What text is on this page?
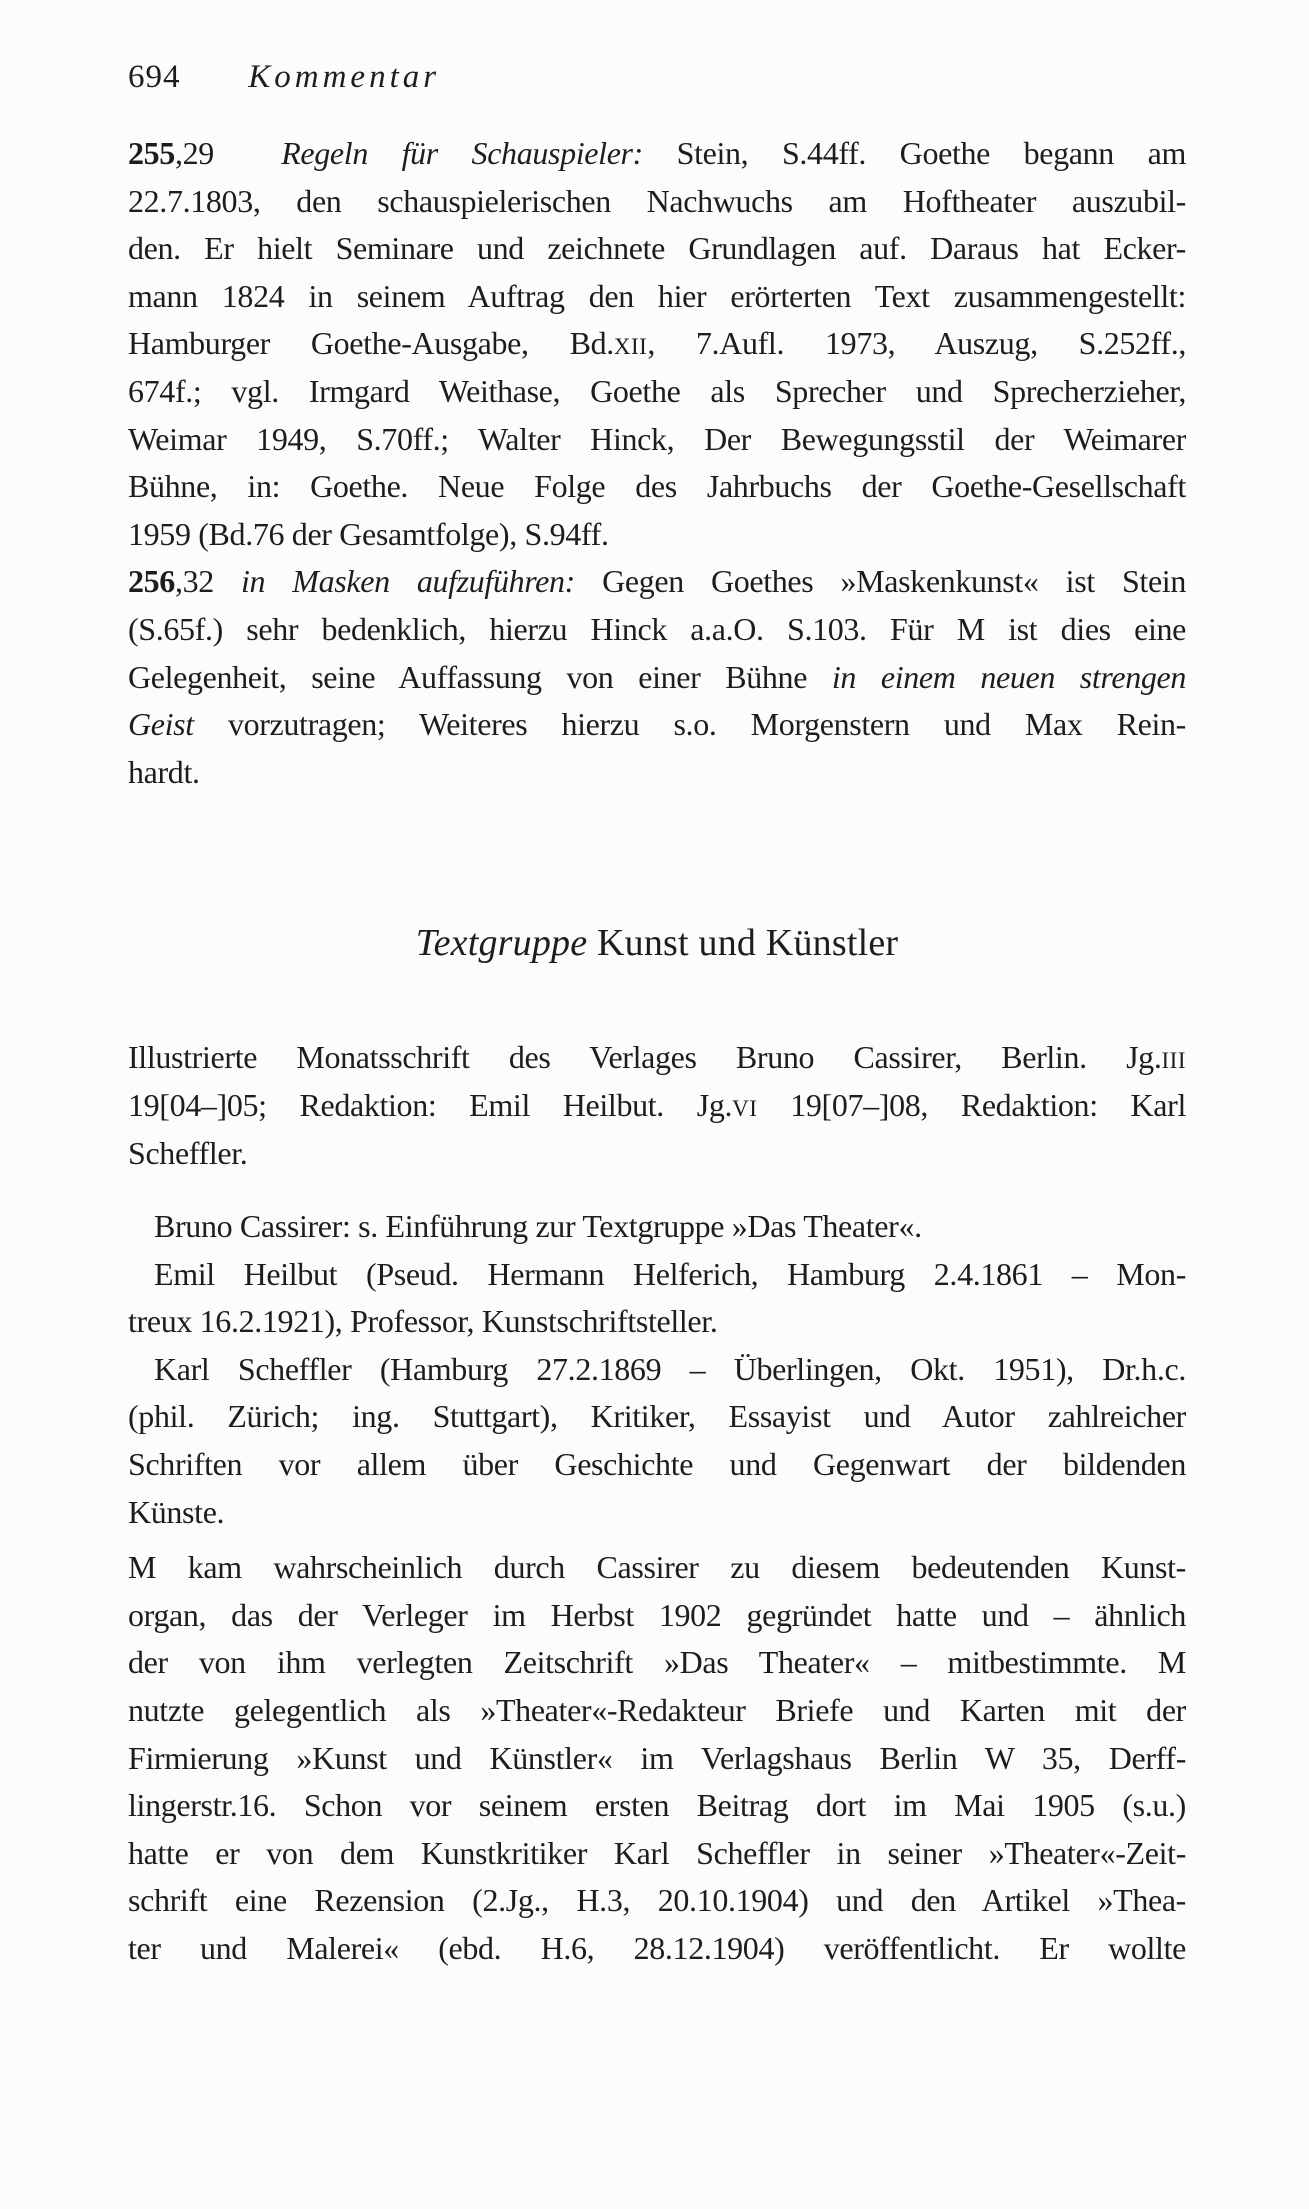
694 Kommentar
255,29  Regeln für Schauspieler: Stein, S.44ff. Goethe begann am
22.7.1803, den schauspielerischen Nachwuchs am Hoftheater auszubil-
den. Er hielt Seminare und zeichnete Grundlagen auf. Daraus hat Ecker-
mann 1824 in seinem Auftrag den hier erörterten Text zusammengestellt:
Hamburger Goethe-Ausgabe, Bd.XII, 7.Aufl. 1973, Auszug, S.252ff.,
674f.; vgl. Irmgard Weithase, Goethe als Sprecher und Sprecherzieher,
Weimar 1949, S.70ff.; Walter Hinck, Der Bewegungsstil der Weimarer
Bühne, in: Goethe. Neue Folge des Jahrbuchs der Goethe-Gesellschaft
1959 (Bd.76 der Gesamtfolge), S.94ff.
256,32 in Masken aufzuführen: Gegen Goethes »Maskenkunst« ist Stein
(S.65f.) sehr bedenklich, hierzu Hinck a.a.O. S.103. Für M ist dies eine
Gelegenheit, seine Auffassung von einer Bühne in einem neuen strengen
Geist vorzutragen; Weiteres hierzu s.o. Morgenstern und Max Rein-
hardt.
Textgruppe Kunst und Künstler
Illustrierte Monatsschrift des Verlages Bruno Cassirer, Berlin. Jg.III
19[04–]05; Redaktion: Emil Heilbut. Jg.VI 19[07–]08, Redaktion: Karl
Scheffler.
Bruno Cassirer: s. Einführung zur Textgruppe »Das Theater«.
Emil Heilbut (Pseud. Hermann Helferich, Hamburg 2.4.1861 – Mon-
treux 16.2.1921), Professor, Kunstschriftsteller.
Karl Scheffler (Hamburg 27.2.1869 – Überlingen, Okt. 1951), Dr.h.c.
(phil. Zürich; ing. Stuttgart), Kritiker, Essayist und Autor zahlreicher
Schriften vor allem über Geschichte und Gegenwart der bildenden
Künste.
M kam wahrscheinlich durch Cassirer zu diesem bedeutenden Kunst-
organ, das der Verleger im Herbst 1902 gegründet hatte und – ähnlich
der von ihm verlegten Zeitschrift »Das Theater« – mitbestimmte. M
nutzte gelegentlich als »Theater«-Redakteur Briefe und Karten mit der
Firmierung »Kunst und Künstler« im Verlagshaus Berlin W 35, Derff-
lingerstr.16. Schon vor seinem ersten Beitrag dort im Mai 1905 (s.u.)
hatte er von dem Kunstkritiker Karl Scheffler in seiner »Theater«-Zeit-
schrift eine Rezension (2.Jg., H.3, 20.10.1904) und den Artikel »Thea-
ter und Malerei« (ebd. H.6, 28.12.1904) veröffentlicht. Er wollte
